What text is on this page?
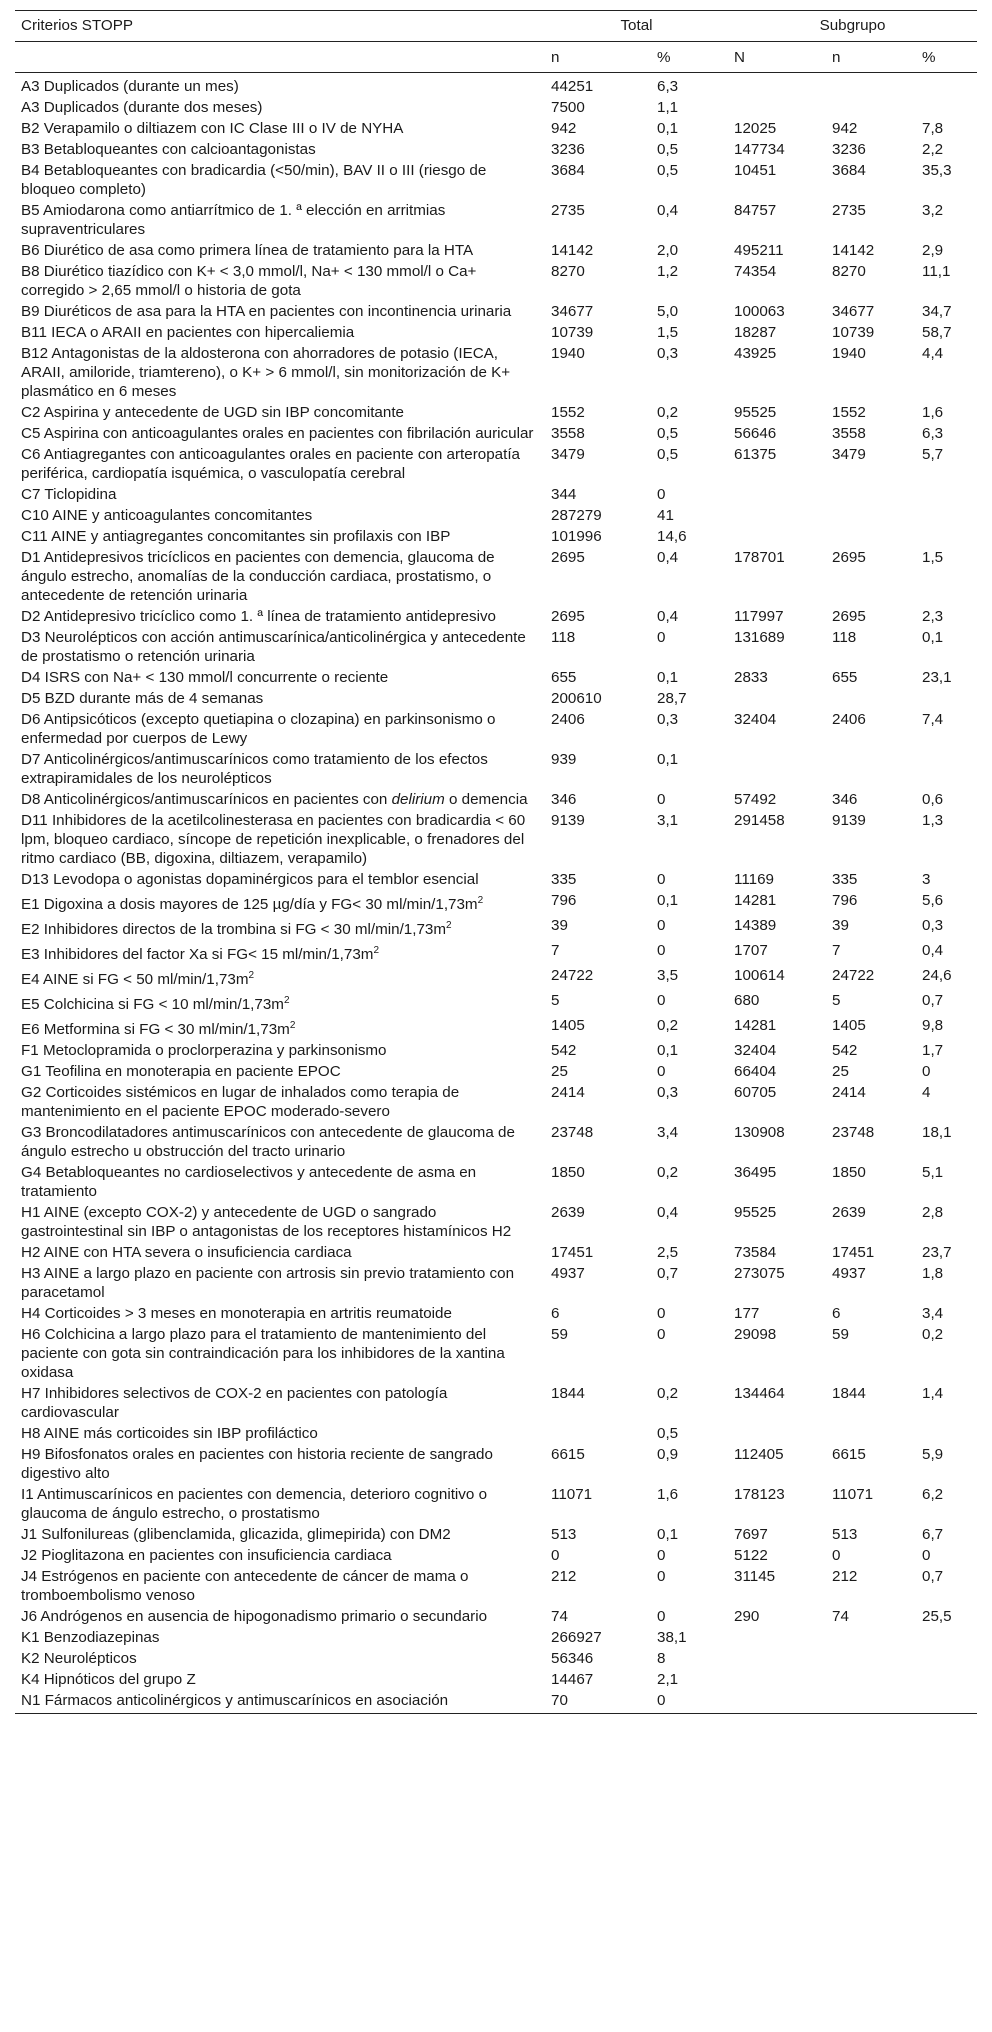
Criterios STOPP	Total		Subgrupo		
	n	%	N	n	%
A3 Duplicados (durante un mes)	44251	6,3			
A3 Duplicados (durante dos meses)	7500	1,1			
B2 Verapamilo o diltiazem con IC Clase III o IV de NYHA	942	0,1	12025	942	7,8
B3 Betabloqueantes con calcioantagonistas	3236	0,5	147734	3236	2,2
B4 Betabloqueantes con bradicardia (<50/min), BAV II o III (riesgo de bloqueo completo)	3684	0,5	10451	3684	35,3
B5 Amiodarona como antiarrítmico de 1. ª elección en arritmias supraventriculares	2735	0,4	84757	2735	3,2
B6 Diurético de asa como primera línea de tratamiento para la HTA	14142	2,0	495211	14142	2,9
B8 Diurético tiazídico con K+ < 3,0 mmol/l, Na+ < 130 mmol/l o Ca+ corregido > 2,65 mmol/l o historia de gota	8270	1,2	74354	8270	11,1
B9 Diuréticos de asa para la HTA en pacientes con incontinencia urinaria	34677	5,0	100063	34677	34,7
B11 IECA o ARAII en pacientes con hipercaliemia	10739	1,5	18287	10739	58,7
B12 Antagonistas de la aldosterona con ahorradores de potasio (IECA, ARAII, amiloride, triamtereno), o K+ > 6 mmol/l, sin monitorización de K+ plasmático en 6 meses	1940	0,3	43925	1940	4,4
C2 Aspirina y antecedente de UGD sin IBP concomitante	1552	0,2	95525	1552	1,6
C5 Aspirina con anticoagulantes orales en pacientes con fibrilación auricular	3558	0,5	56646	3558	6,3
C6 Antiagregantes con anticoagulantes orales en paciente con arteropatía periférica, cardiopatía isquémica, o vasculopatía cerebral	3479	0,5	61375	3479	5,7
C7 Ticlopidina	344	0			
C10 AINE y anticoagulantes concomitantes	287279	41			
C11 AINE y antiagregantes concomitantes sin profilaxis con IBP	101996	14,6			
D1 Antidepresivos tricíclicos en pacientes con demencia, glaucoma de ángulo estrecho, anomalías de la conducción cardiaca, prostatismo, o antecedente de retención urinaria	2695	0,4	178701	2695	1,5
D2 Antidepresivo tricíclico como 1. ª línea de tratamiento antidepresivo	2695	0,4	117997	2695	2,3
D3 Neurolépticos con acción antimuscarínica/anticolinérgica y antecedente de prostatismo o retención urinaria	118	0	131689	118	0,1
D4 ISRS con Na+ < 130 mmol/l concurrente o reciente	655	0,1	2833	655	23,1
D5 BZD durante más de 4 semanas	200610	28,7			
D6 Antipsicóticos (excepto quetiapina o clozapina) en parkinsonismo o enfermedad por cuerpos de Lewy	2406	0,3	32404	2406	7,4
D7 Anticolinérgicos/antimuscarínicos como tratamiento de los efectos extrapiramidales de los neurolépticos	939	0,1			
D8 Anticolinérgicos/antimuscarínicos en pacientes con delirium o demencia	346	0	57492	346	0,6
D11 Inhibidores de la acetilcolinesterasa en pacientes con bradicardia < 60 lpm, bloqueo cardiaco, síncope de repetición inexplicable, o frenadores del ritmo cardiaco (BB, digoxina, diltiazem, verapamilo)	9139	3,1	291458	9139	1,3
D13 Levodopa o agonistas dopaminérgicos para el temblor esencial	335	0	11169	335	3
E1 Digoxina a dosis mayores de 125 µg/día y FG< 30 $ml/\min/1,73m^2$	796	0,1	14281	796	5,6
E2 Inhibidores directos de la trombina si FG < 30 $ml/\min/1,73m^2$	39	0	14389	39	0,3
E3 Inhibidores del factor Xa si FG< 15 $ml/\min/1,73m^2$	7	0	1707	7	0,4
E4 AINE si FG < 50 $ml/\min/1,73m^2$	24722	3,5	100614	24722	24,6
E5 Colchicina si FG < 10 $ml/\min/1,73m^2$	5	0	680	5	0,7
E6 Metformina si FG < 30 $ml/\min/1,73m^2$	1405	0,2	14281	1405	9,8
F1 Metoclopramida o proclorperazina y parkinsonismo	542	0,1	32404	542	1,7
G1 Teofilina en monoterapia en paciente EPOC	25	0	66404	25	0
G2 Corticoides sistémicos en lugar de inhalados como terapia de mantenimiento en el paciente EPOC moderado-severo	2414	0,3	60705	2414	4
G3 Broncodilatadores antimuscarínicos con antecedente de glaucoma de ángulo estrecho u obstrucción del tracto urinario	23748	3,4	130908	23748	18,1
G4 Betabloqueantes no cardioselectivos y antecedente de asma en tratamiento	1850	0,2	36495	1850	5,1
H1 AINE (excepto COX-2) y antecedente de UGD o sangrado gastrointestinal sin IBP o antagonistas de los receptores histamínicos H2	2639	0,4	95525	2639	2,8
H2 AINE con HTA severa o insuficiencia cardiaca	17451	2,5	73584	17451	23,7
H3 AINE a largo plazo en paciente con artrosis sin previo tratamiento con paracetamol	4937	0,7	273075	4937	1,8
H4 Corticoides > 3 meses en monoterapia en artritis reumatoide	6	0	177	6	3,4
H6 Colchicina a largo plazo para el tratamiento de mantenimiento del paciente con gota sin contraindicación para los inhibidores de la xantina oxidasa	59	0	29098	59	0,2
H7 Inhibidores selectivos de COX-2 en pacientes con patología cardiovascular	1844	0,2	134464	1844	1,4
H8 AINE más corticoides sin IBP profiláctico		0,5			
H9 Bifosfonatos orales en pacientes con historia reciente de sangrado digestivo alto	6615	0,9	112405	6615	5,9
I1 Antimuscarínicos en pacientes con demencia, deterioro cognitivo o glaucoma de ángulo estrecho, o prostatismo	11071	1,6	178123	11071	6,2
J1 Sulfonilureas (glibenclamida, glicazida, glimepirida) con DM2	513	0,1	7697	513	6,7
J2 Pioglitazona en pacientes con insuficiencia cardiaca	0	0	5122	0	0
J4 Estrógenos en paciente con antecedente de cáncer de mama o tromboembolismo venoso	212	0	31145	212	0,7
J6 Andrógenos en ausencia de hipogonadismo primario o secundario	74	0	290	74	25,5
K1 Benzodiazepinas	266927	38,1			
K2 Neurolépticos	56346	8			
K4 Hipnóticos del grupo Z	14467	2,1			
N1 Fármacos anticolinérgicos y antimuscarínicos en asociación	70	0			
